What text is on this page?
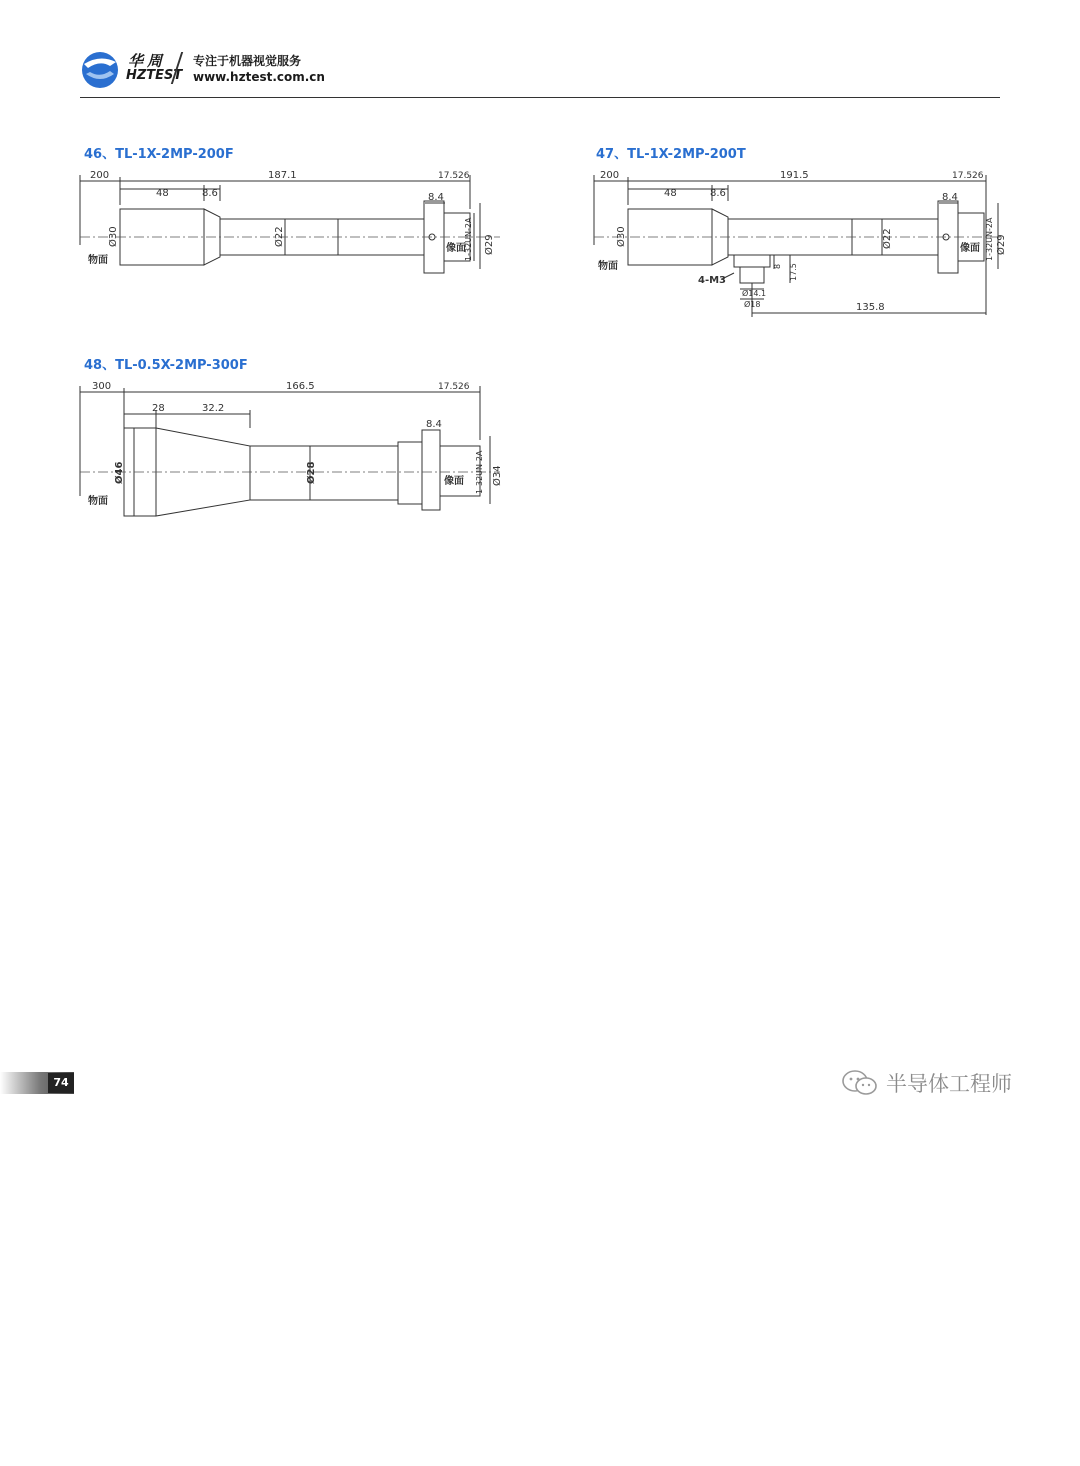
华周
HZTEST
专注于机器视觉服务
www.hztest.com.cn
46、TL-1X-2MP-200F
200	187.1	17.526
48	8.6	8.4
Ø30	Ø22	1-32UN-2A Ø29
物面
像面
47、TL-1X-2MP-200T
200	191.5	17.526
48	8.6	8.4
Ø30	Ø22	1-32UN-2A Ø29
4-M3
Ø14.1
Ø18
8 17.5
135.8
物面
像面
48、TL-0.5X-2MP-300F
300	166.5	17.526
28	32.2
8.4
Ø46	Ø28	1-32UN-2A Ø34
物面
像面
74	半导体工程师
